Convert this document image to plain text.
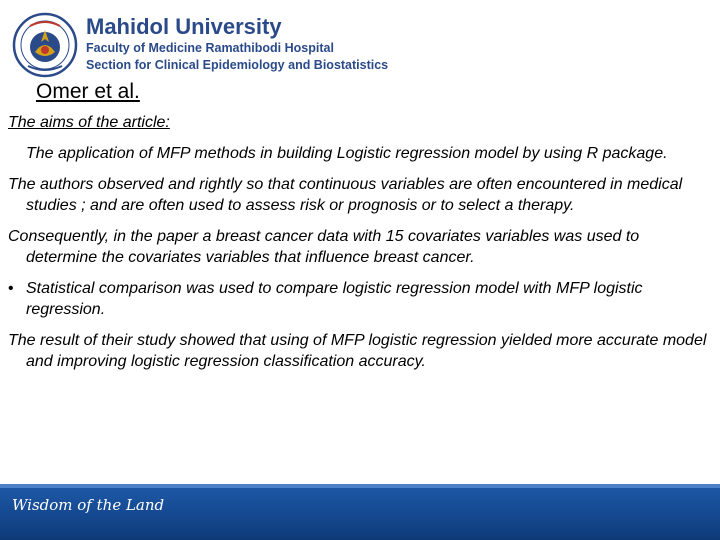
Mahidol University
Faculty of Medicine Ramathibodi Hospital
Section for Clinical Epidemiology and Biostatistics
Omer et al.

The aims of the article:

The application of MFP methods in building Logistic regression model by using R package.

The authors observed and rightly so that continuous variables are often encountered in medical studies ; and are often used to assess risk or prognosis or to select a therapy.

Consequently, in the paper a breast cancer data with 15 covariates variables was used to determine the covariates variables that influence breast cancer.

• Statistical comparison was used to compare logistic regression model with MFP logistic regression.

The result of their study showed that using of MFP logistic regression yielded more accurate model and improving logistic regression classification accuracy.

Wisdom of the Land
